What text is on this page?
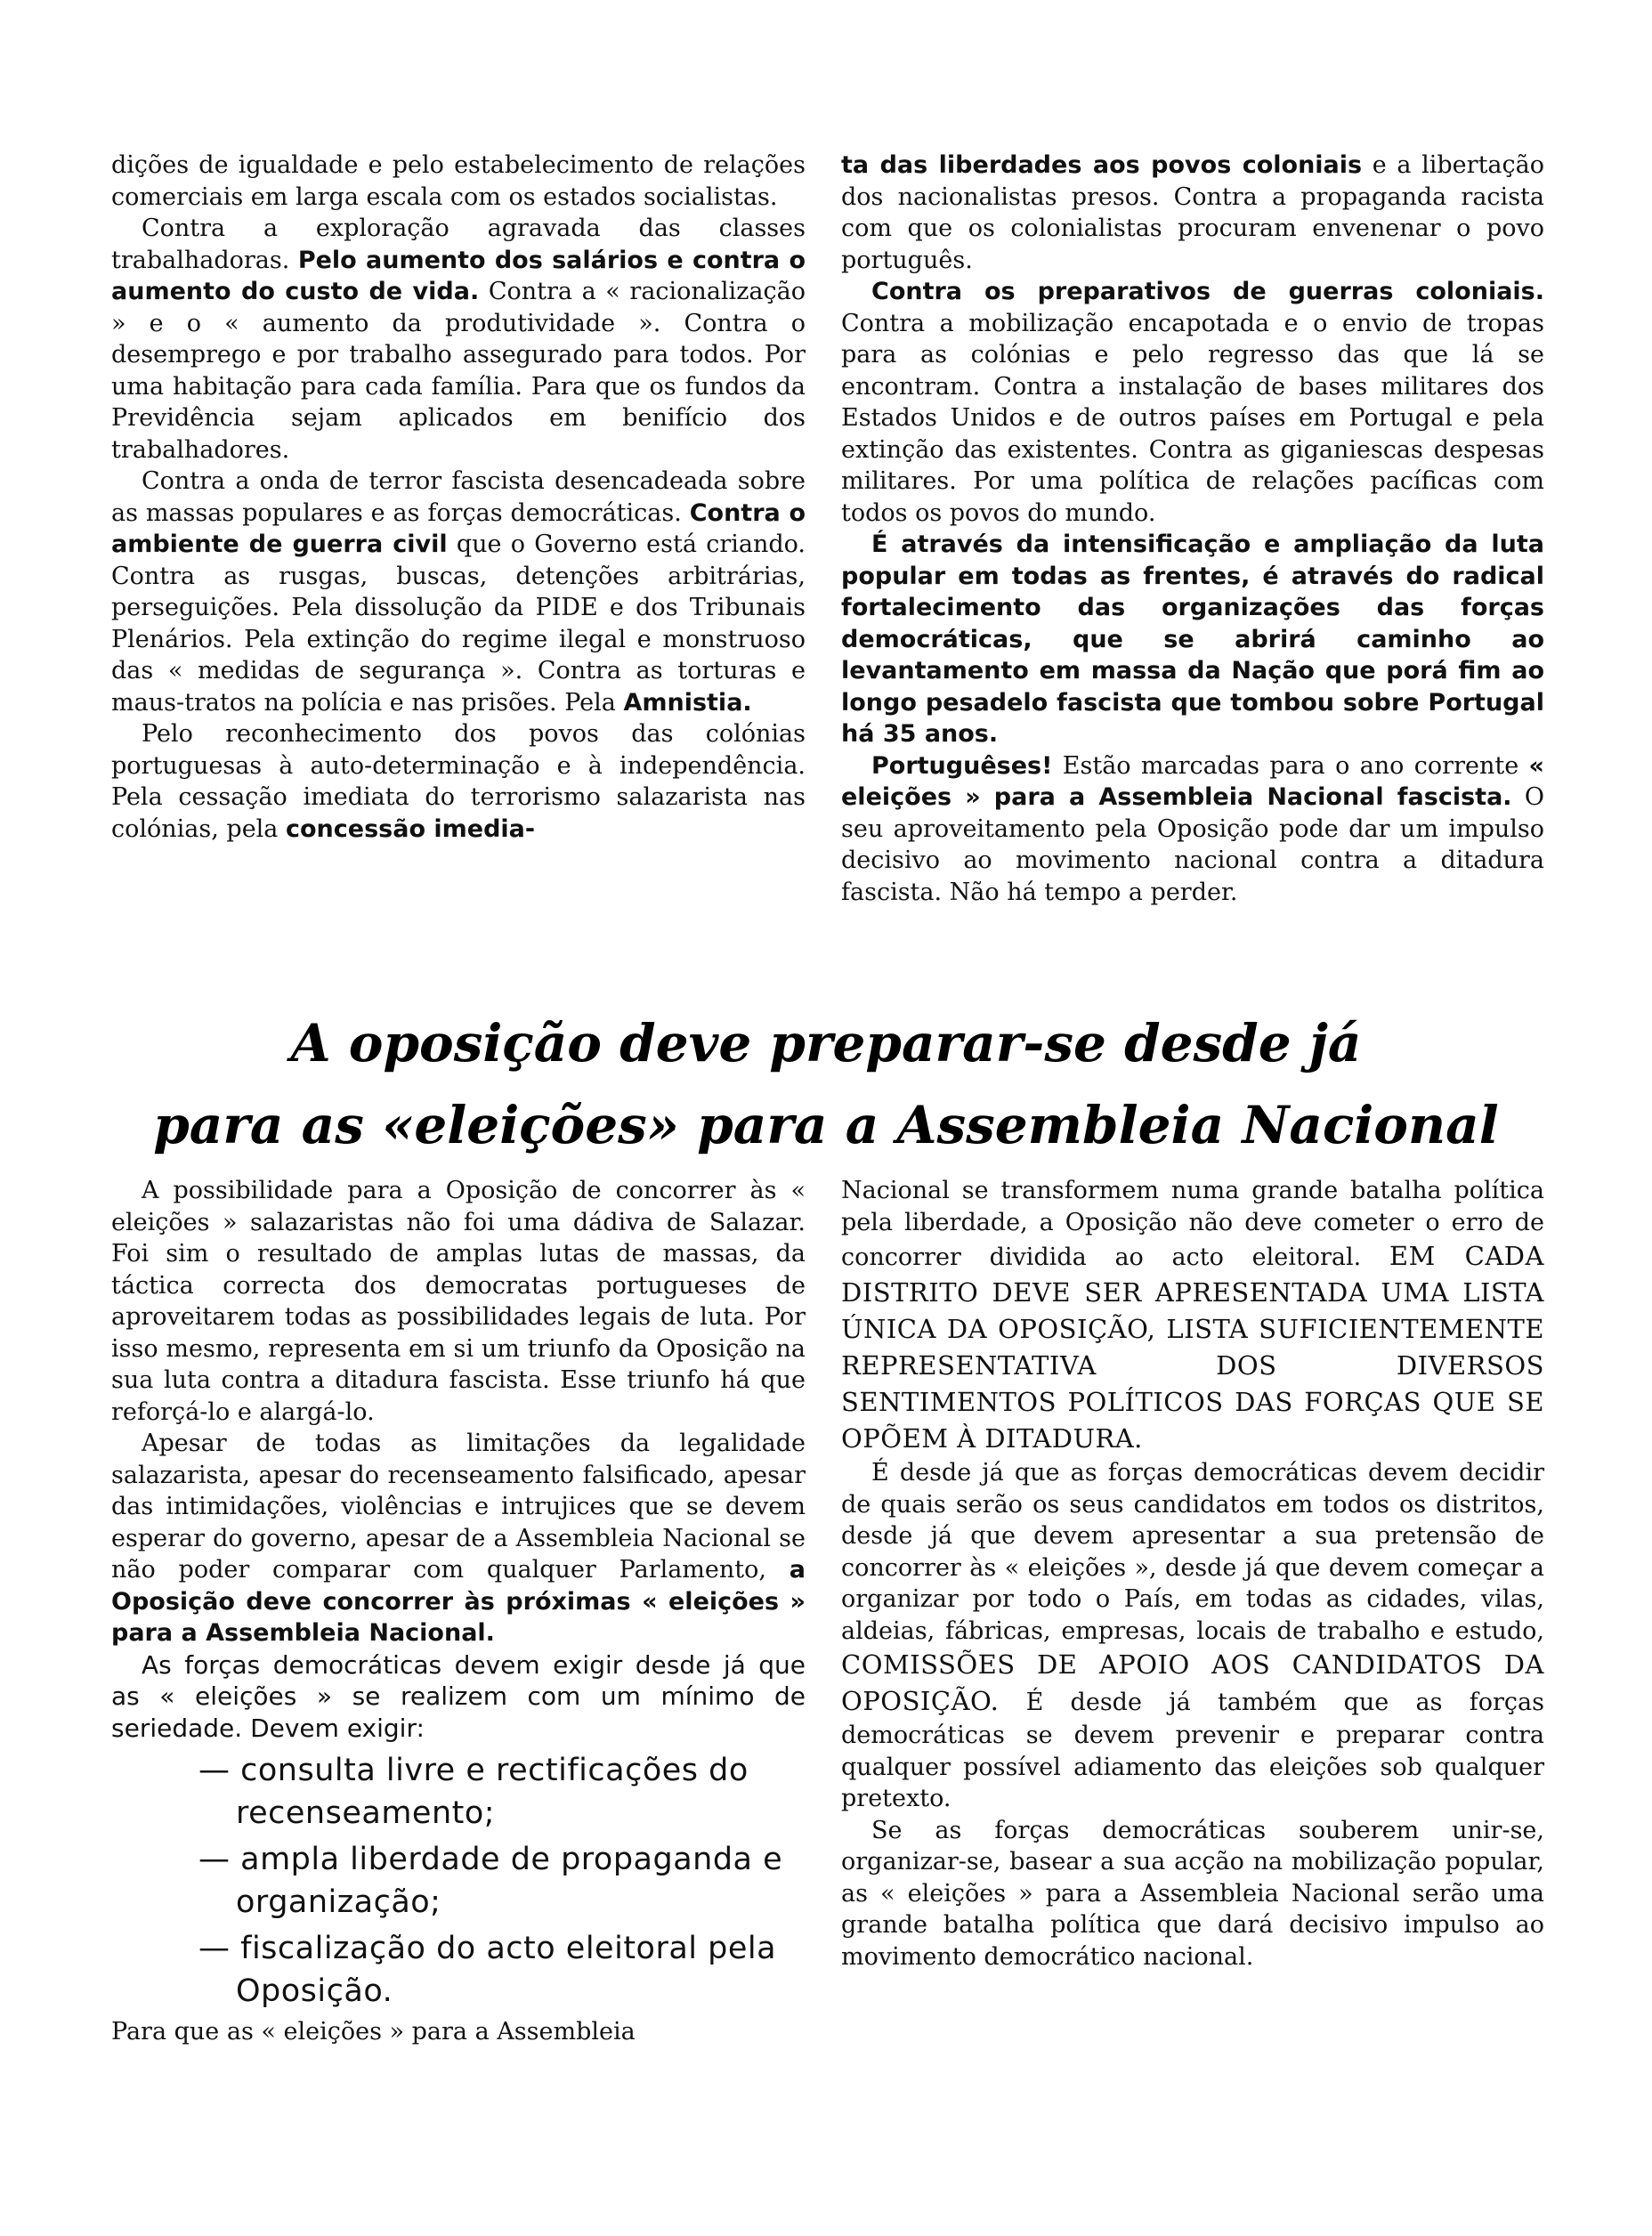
dições de igualdade e pelo estabelecimento de relações comerciais em larga escala com os estados socialistas.

Contra a exploração agravada das classes trabalhadoras. Pelo aumento dos salários e contra o aumento do custo de vida. Contra a « racionalização » e o « aumento da produtividade ». Contra o desemprego e por trabalho assegurado para todos. Por uma habitação para cada família. Para que os fundos da Previdência sejam aplicados em benifício dos trabalhadores.

Contra a onda de terror fascista desencadeada sobre as massas populares e as forças democráticas. Contra o ambiente de guerra civil que o Governo está criando. Contra as rusgas, buscas, detenções arbitrárias, perseguições. Pela dissolução da PIDE e dos Tribunais Plenários. Pela extinção do regime ilegal e monstruoso das « medidas de segurança ». Contra as torturas e maus-tratos na polícia e nas prisões. Pela Amnistia.

Pelo reconhecimento dos povos das colónias portuguesas à auto-determinação e à independência. Pela cessação imediata do terrorismo salazarista nas colónias, pela concessão imedia-

ta das liberdades aos povos coloniais e a libertação dos nacionalistas presos. Contra a propaganda racista com que os colonialistas procuram envenenar o povo português.

Contra os preparativos de guerras coloniais. Contra a mobilização encapotada e o envio de tropas para as colónias e pelo regresso das que lá se encontram. Contra a instalação de bases militares dos Estados Unidos e de outros países em Portugal e pela extinção das existentes. Contra as giganiescas despesas militares. Por uma política de relações pacíficas com todos os povos do mundo.

É através da intensificação e ampliação da luta popular em todas as frentes, é através do radical fortalecimento das organizações das forças democráticas, que se abrirá caminho ao levantamento em massa da Nação que porá fim ao longo pesadelo fascista que tombou sobre Portugal há 35 anos.

Portuguêses! Estão marcadas para o ano corrente « eleições » para a Assembleia Nacional fascista. O seu aproveitamento pela Oposição pode dar um impulso decisivo ao movimento nacional contra a ditadura fascista. Não há tempo a perder.

A oposição deve preparar-se desde já
para as «eleições» para a Assembleia Nacional

A possibilidade para a Oposição de concorrer às « eleições » salazaristas não foi uma dádiva de Salazar. Foi sim o resultado de amplas lutas de massas, da táctica correcta dos democratas portugueses de aproveitarem todas as possibilidades legais de luta. Por isso mesmo, representa em si um triunfo da Oposição na sua luta contra a ditadura fascista. Esse triunfo há que reforçá-lo e alargá-lo.

Apesar de todas as limitações da legalidade salazarista, apesar do recenseamento falsificado, apesar das intimidações, violências e intrujices que se devem esperar do governo, apesar de a Assembleia Nacional se não poder comparar com qualquer Parlamento, a Oposição deve concorrer às próximas « eleições » para a Assembleia Nacional.

As forças democráticas devem exigir desde já que as « eleições » se realizem com um mínimo de seriedade. Devem exigir:

— consulta livre e rectificações do recenseamento;
— ampla liberdade de propaganda e organização;
— fiscalização do acto eleitoral pela Oposição.

Para que as « eleições » para a Assembleia

Nacional se transformem numa grande batalha política pela liberdade, a Oposição não deve cometer o erro de concorrer dividida ao acto eleitoral. EM CADA DISTRITO DEVE SER APRESENTADA UMA LISTA ÚNICA DA OPOSIÇÃO, LISTA SUFICIENTEMENTE REPRESENTATIVA DOS DIVERSOS SENTIMENTOS POLÍTICOS DAS FORÇAS QUE SE OPÕEM À DITADURA.

É desde já que as forças democráticas devem decidir de quais serão os seus candidatos em todos os distritos, desde já que devem apresentar a sua pretensão de concorrer às « eleições », desde já que devem começar a organizar por todo o País, em todas as cidades, vilas, aldeias, fábricas, empresas, locais de trabalho e estudo, COMISSÕES DE APOIO AOS CANDIDATOS DA OPOSIÇÃO. É desde já também que as forças democráticas se devem prevenir e preparar contra qualquer possível adiamento das eleições sob qualquer pretexto.

Se as forças democráticas souberem unir-se, organizar-se, basear a sua acção na mobilização popular, as « eleições » para a Assembleia Nacional serão uma grande batalha política que dará decisivo impulso ao movimento democrático nacional.
